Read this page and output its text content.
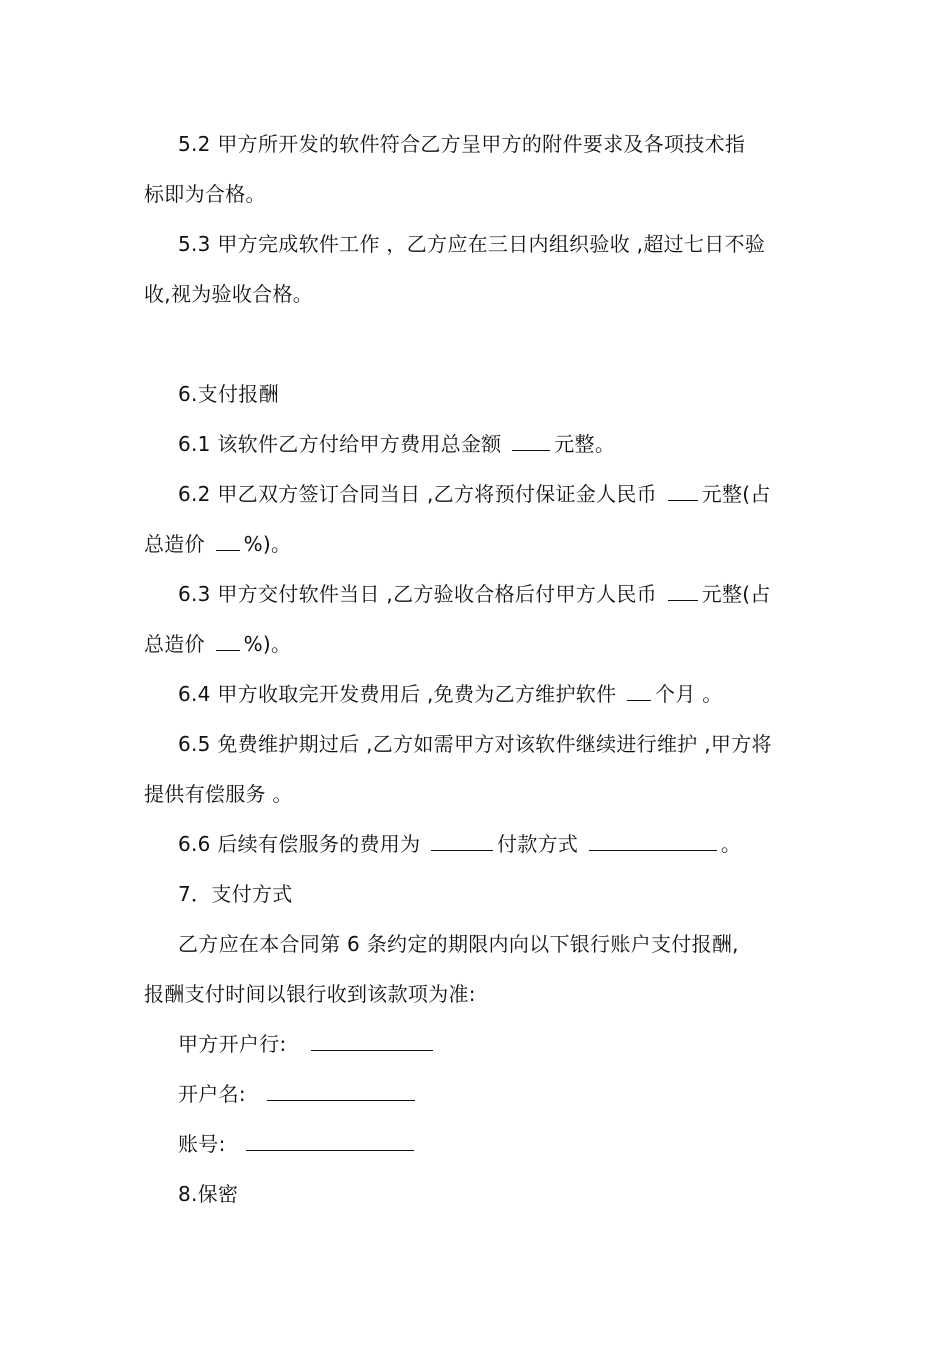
5.2 甲方所开发的软件符合乙方呈甲方的附件要求及各项技术指
标即为合格。
5.3 甲方完成软件工作 ，乙方应在三日内组织验收 ,超过七日不验
收,视为验收合格。
6.支付报酬
6.1 该软件乙方付给甲方费用总金额 元整。
6.2 甲乙双方签订合同当日 ,乙方将预付保证金人民币 元整(占
总造价 %)。
6.3 甲方交付软件当日 ,乙方验收合格后付甲方人民币 元整(占
总造价 %)。
6.4 甲方收取完开发费用后 ,免费为乙方维护软件 个月 。
6.5 免费维护期过后 ,乙方如需甲方对该软件继续进行维护 ,甲方将
提供有偿服务 。
6.6 后续有偿服务的费用为	付款方式	。
7．支付方式
乙方应在本合同第 6 条约定的期限内向以下银行账户支付报酬,
报酬支付时间以银行收到该款项为准:
甲方开户行:
开户名:
账号:
8.保密
